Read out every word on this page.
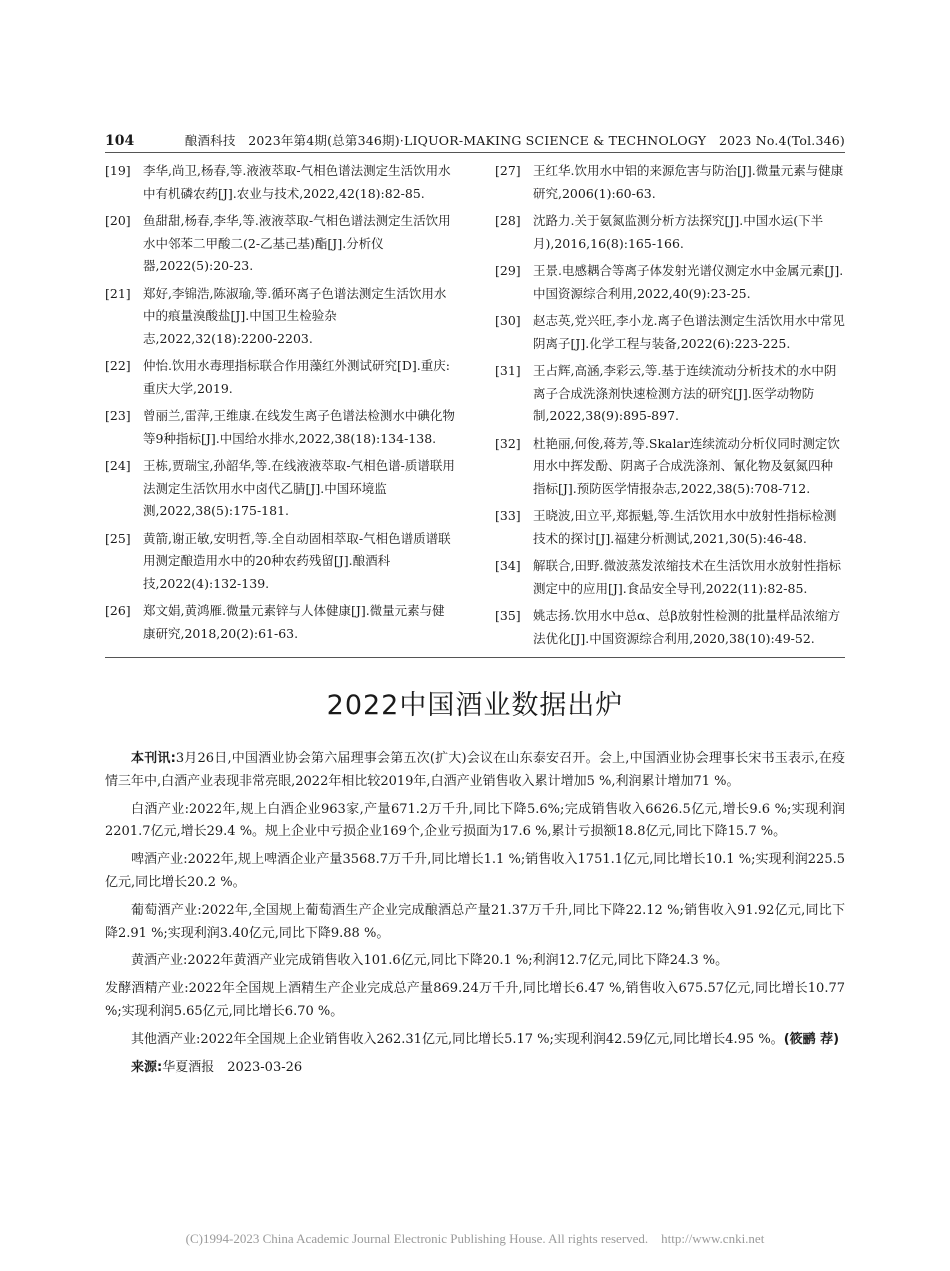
104	酿酒科技　2023年第4期(总第346期)·LIQUOR-MAKING SCIENCE & TECHNOLOGY　2023 No.4(Tol.346)
[19] 李华,尚卫,杨春,等.液液萃取-气相色谱法测定生活饮用水中有机磷农药[J].农业与技术,2022,42(18):82-85.
[20] 鱼甜甜,杨春,李华,等.液液萃取-气相色谱法测定生活饮用水中邻苯二甲酸二(2-乙基己基)酯[J].分析仪器,2022(5):20-23.
[21] 郑好,李锦浩,陈淑瑜,等.循环离子色谱法测定生活饮用水中的痕量溴酸盐[J].中国卫生检验杂志,2022,32(18):2200-2203.
[22] 仲怡.饮用水毒理指标联合作用藻红外测试研究[D].重庆:重庆大学,2019.
[23] 曾丽兰,雷萍,王维康.在线发生离子色谱法检测水中碘化物等9种指标[J].中国给水排水,2022,38(18):134-138.
[24] 王栋,贾瑞宝,孙韶华,等.在线液液萃取-气相色谱-质谱联用法测定生活饮用水中卤代乙腈[J].中国环境监测,2022,38(5):175-181.
[25] 黄箭,谢正敏,安明哲,等.全自动固相萃取-气相色谱质谱联用测定酿造用水中的20种农药残留[J].酿酒科技,2022(4):132-139.
[26] 郑文娟,黄鸿雁.微量元素锌与人体健康[J].微量元素与健康研究,2018,20(2):61-63.
[27] 王红华.饮用水中铝的来源危害与防治[J].微量元素与健康研究,2006(1):60-63.
[28] 沈路力.关于氨氮监测分析方法探究[J].中国水运(下半月),2016,16(8):165-166.
[29] 王景.电感耦合等离子体发射光谱仪测定水中金属元素[J].中国资源综合利用,2022,40(9):23-25.
[30] 赵志英,党兴旺,李小龙.离子色谱法测定生活饮用水中常见阴离子[J].化学工程与装备,2022(6):223-225.
[31] 王占辉,高涵,李彩云,等.基于连续流动分析技术的水中阴离子合成洗涤剂快速检测方法的研究[J].医学动物防制,2022,38(9):895-897.
[32] 杜艳丽,何俊,蒋芳,等.Skalar连续流动分析仪同时测定饮用水中挥发酚、阴离子合成洗涤剂、氰化物及氨氮四种指标[J].预防医学情报杂志,2022,38(5):708-712.
[33] 王晓波,田立平,郑振魁,等.生活饮用水中放射性指标检测技术的探讨[J].福建分析测试,2021,30(5):46-48.
[34] 解联合,田野.微波蒸发浓缩技术在生活饮用水放射性指标测定中的应用[J].食品安全导刊,2022(11):82-85.
[35] 姚志扬.饮用水中总α、总β放射性检测的批量样品浓缩方法优化[J].中国资源综合利用,2020,38(10):49-52.
2022中国酒业数据出炉

本刊讯:3月26日,中国酒业协会第六届理事会第五次(扩大)会议在山东泰安召开。会上,中国酒业协会理事长宋书玉表示,在疫情三年中,白酒产业表现非常亮眼,2022年相比较2019年,白酒产业销售收入累计增加5 %,利润累计增加71 %。

白酒产业:2022年,规上白酒企业963家,产量671.2万千升,同比下降5.6%;完成销售收入6626.5亿元,增长9.6 %;实现利润2201.7亿元,增长29.4 %。规上企业中亏损企业169个,企业亏损面为17.6 %,累计亏损额18.8亿元,同比下降15.7 %。

啤酒产业:2022年,规上啤酒企业产量3568.7万千升,同比增长1.1 %;销售收入1751.1亿元,同比增长10.1 %;实现利润225.5亿元,同比增长20.2 %。

葡萄酒产业:2022年,全国规上葡萄酒生产企业完成酿酒总产量21.37万千升,同比下降22.12 %;销售收入91.92亿元,同比下降2.91 %;实现利润3.40亿元,同比下降9.88 %。

黄酒产业:2022年黄酒产业完成销售收入101.6亿元,同比下降20.1 %;利润12.7亿元,同比下降24.3 %。

发酵酒精产业:2022年全国规上酒精生产企业完成总产量869.24万千升,同比增长6.47 %,销售收入675.57亿元,同比增长10.77 %;实现利润5.65亿元,同比增长6.70 %。

其他酒产业:2022年全国规上企业销售收入262.31亿元,同比增长5.17 %;实现利润42.59亿元,同比增长4.95 %。(筱鹂 荐)

来源:华夏酒报　2023-03-26

(C)1994-2023 China Academic Journal Electronic Publishing House. All rights reserved.　http://www.cnki.net
